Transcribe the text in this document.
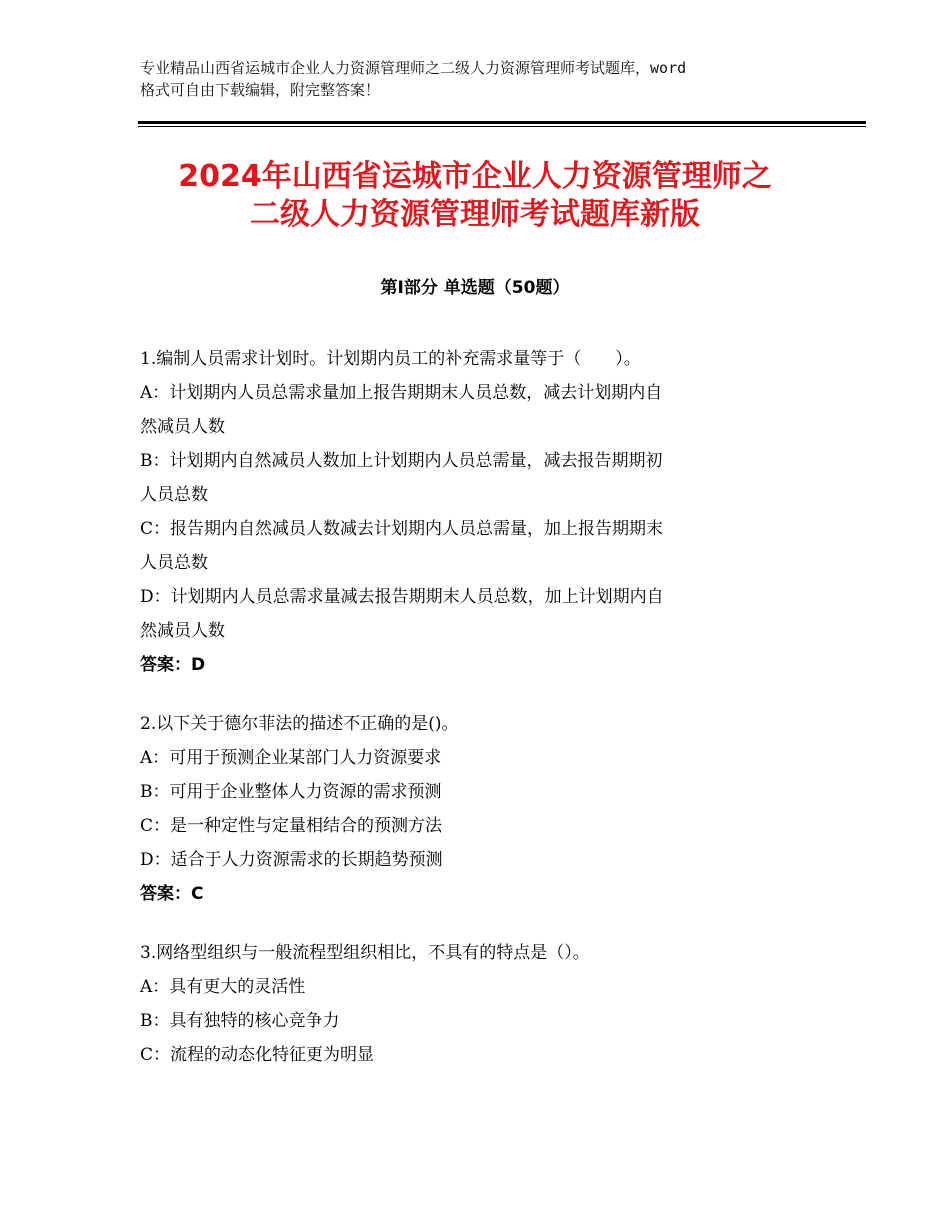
专业精品山西省运城市企业人力资源管理师之二级人力资源管理师考试题库，word
格式可自由下载编辑，附完整答案！
2024年山西省运城市企业人力资源管理师之
二级人力资源管理师考试题库新版
第Ⅰ部分 单选题（50题）
1.编制人员需求计划时。计划期内员工的补充需求量等于（　　）。
A：计划期内人员总需求量加上报告期期末人员总数，减去计划期内自
然减员人数
B：计划期内自然减员人数加上计划期内人员总需量，减去报告期期初
人员总数
C：报告期内自然减员人数减去计划期内人员总需量，加上报告期期末
人员总数
D：计划期内人员总需求量减去报告期期末人员总数，加上计划期内自
然减员人数
答案：D
2.以下关于德尔菲法的描述不正确的是()。
A：可用于预测企业某部门人力资源要求
B：可用于企业整体人力资源的需求预测
C：是一种定性与定量相结合的预测方法
D：适合于人力资源需求的长期趋势预测
答案：C
3.网络型组织与一般流程型组织相比，不具有的特点是（）。
A：具有更大的灵活性
B：具有独特的核心竞争力
C：流程的动态化特征更为明显
